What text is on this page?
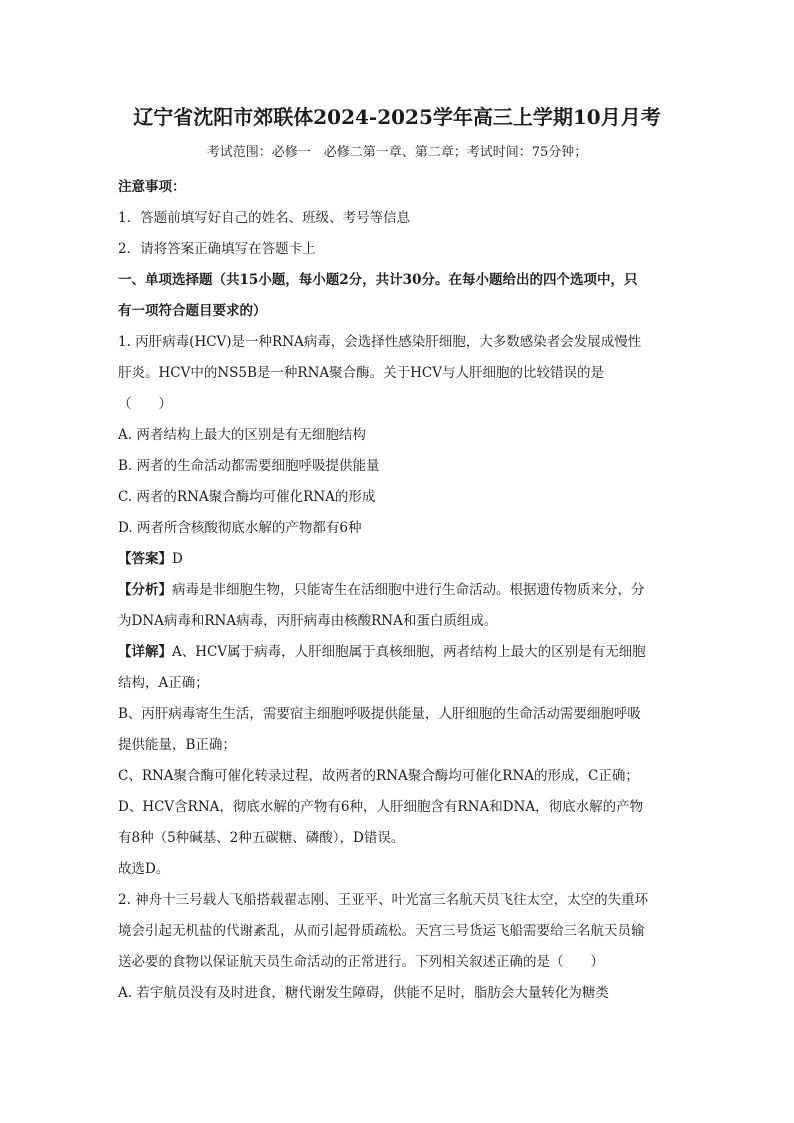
辽宁省沈阳市郊联体2024-2025学年高三上学期10月月考
考试范围：必修一　必修二第一章、第二章；考试时间：75分钟；
注意事项：
1．答题前填写好自己的姓名、班级、考号等信息
2．请将答案正确填写在答题卡上
一、单项选择题（共15小题，每小题2分，共计30分。在每小题给出的四个选项中，只
有一项符合题目要求的）
1. 丙肝病毒(HCV)是一种RNA病毒，会选择性感染肝细胞，大多数感染者会发展成慢性
肝炎。HCV中的NS5B是一种RNA聚合酶。关于HCV与人肝细胞的比较错误的是
（　　）
A. 两者结构上最大的区别是有无细胞结构
B. 两者的生命活动都需要细胞呼吸提供能量
C. 两者的RNA聚合酶均可催化RNA的形成
D. 两者所含核酸彻底水解的产物都有6种
【答案】D
【分析】病毒是非细胞生物，只能寄生在活细胞中进行生命活动。根据遗传物质来分，分
为DNA病毒和RNA病毒，丙肝病毒由核酸RNA和蛋白质组成。
【详解】A、HCV属于病毒，人肝细胞属于真核细胞，两者结构上最大的区别是有无细胞
结构，A正确；
B、丙肝病毒寄生生活，需要宿主细胞呼吸提供能量，人肝细胞的生命活动需要细胞呼吸
提供能量，B正确；
C、RNA聚合酶可催化转录过程，故两者的RNA聚合酶均可催化RNA的形成，C正确；
D、HCV含RNA，彻底水解的产物有6种，人肝细胞含有RNA和DNA，彻底水解的产物
有8种（5种碱基、2种五碳糖、磷酸），D错误。
故选D。
2. 神舟十三号载人飞船搭载翟志刚、王亚平、叶光富三名航天员飞往太空，太空的失重环
境会引起无机盐的代谢紊乱，从而引起骨质疏松。天宫三号货运飞船需要给三名航天员输
送必要的食物以保证航天员生命活动的正常进行。下列相关叙述正确的是（　　）
A. 若宇航员没有及时进食，糖代谢发生障碍，供能不足时，脂肪会大量转化为糖类
